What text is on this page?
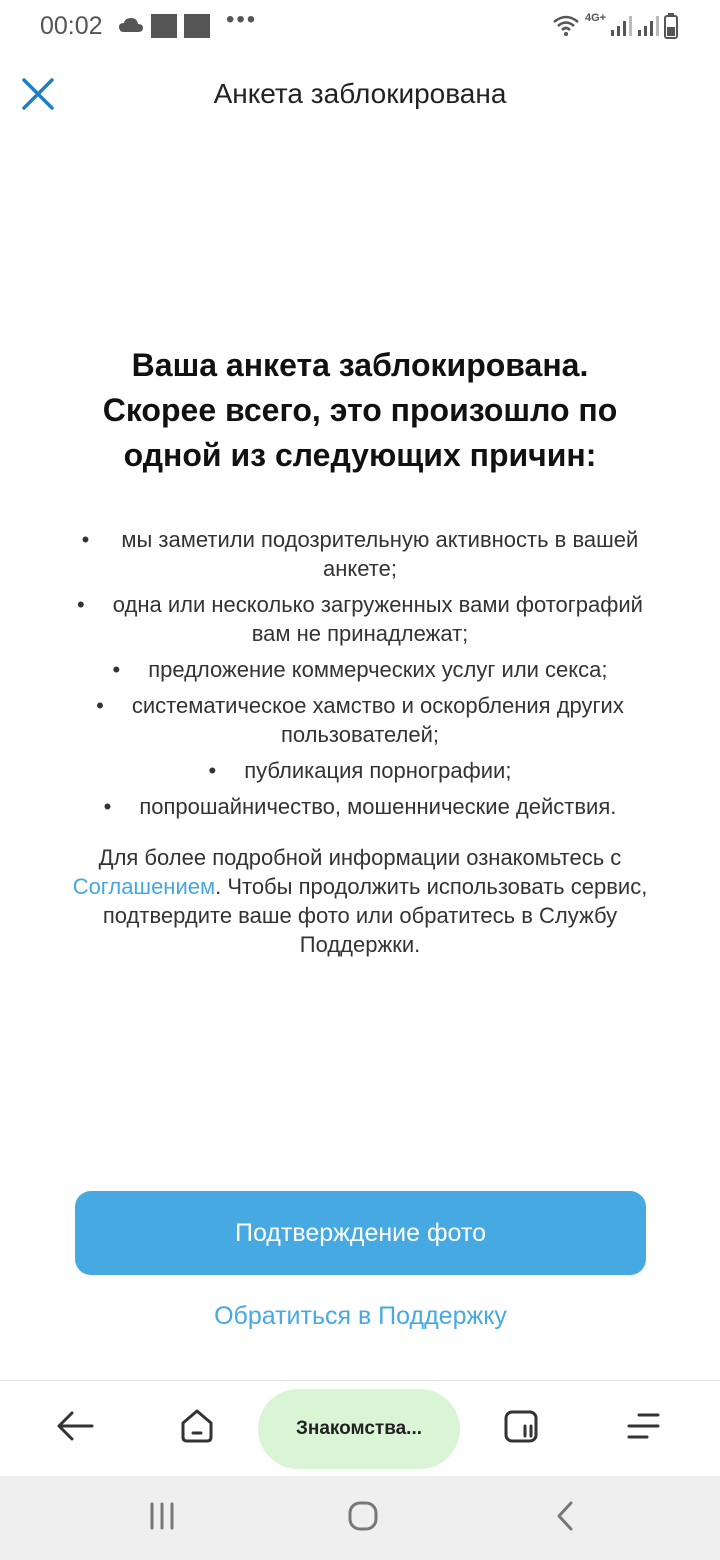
00:02	•••	4G+
Анкета заблокирована
Ваша анкета заблокирована.
Скорее всего, это произошло по
одной из следующих причин:
• мы заметили подозрительную активность в вашей анкете;
• одна или несколько загруженных вами фотографий вам не принадлежат;
• предложение коммерческих услуг или секса;
• систематическое хамство и оскорбления других пользователей;
• публикация порнографии;
• попрошайничество, мошеннические действия.

Для более подробной информации ознакомьтесь с Соглашением. Чтобы продолжить использовать сервис, подтвердите ваше фото или обратитесь в Службу Поддержки.

Подтверждение фото
Обратиться в Поддержку
Знакомства...
